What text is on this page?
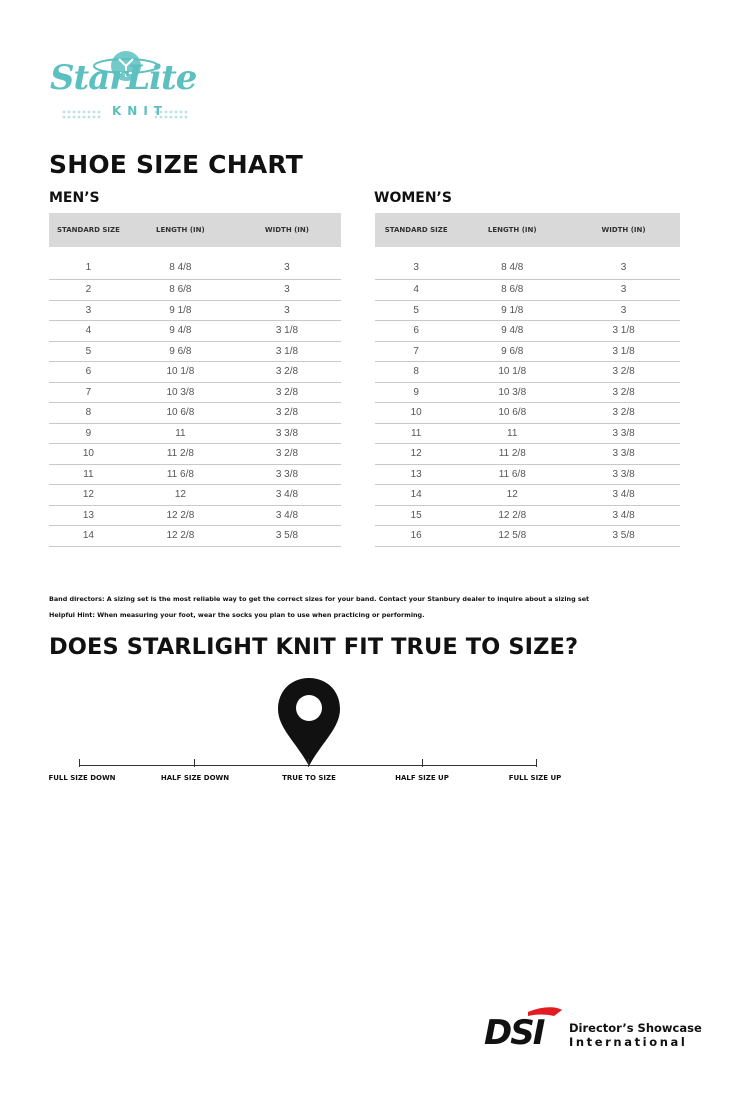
StarLite
KNIT
SHOE SIZE CHART
MEN’S	WOMEN’S
STANDARD SIZE	LENGTH (IN)	WIDTH (IN)
1	8 4/8	3
2	8 6/8	3
3	9 1/8	3
4	9 4/8	3 1/8
5	9 6/8	3 1/8
6	10 1/8	3 2/8
7	10 3/8	3 2/8
8	10 6/8	3 2/8
9	11	3 3/8
10	11 2/8	3 2/8
11	11 6/8	3 3/8
12	12	3 4/8
13	12 2/8	3 4/8
14	12 2/8	3 5/8
STANDARD SIZE	LENGTH (IN)	WIDTH (IN)
3	8 4/8	3
4	8 6/8	3
5	9 1/8	3
6	9 4/8	3 1/8
7	9 6/8	3 1/8
8	10 1/8	3 2/8
9	10 3/8	3 2/8
10	10 6/8	3 2/8
11	11	3 3/8
12	11 2/8	3 3/8
13	11 6/8	3 3/8
14	12	3 4/8
15	12 2/8	3 4/8
16	12 5/8	3 5/8
Band directors: A sizing set is the most reliable way to get the correct sizes for your band. Contact your Stanbury dealer to inquire about a sizing set
Helpful Hint: When measuring your foot, wear the socks you plan to use when practicing or performing.
DOES STARLIGHT KNIT FIT TRUE TO SIZE?
FULL SIZE DOWN	HALF SIZE DOWN	TRUE TO SIZE	HALF SIZE UP	FULL SIZE UP
DSI Director’s Showcase
International
